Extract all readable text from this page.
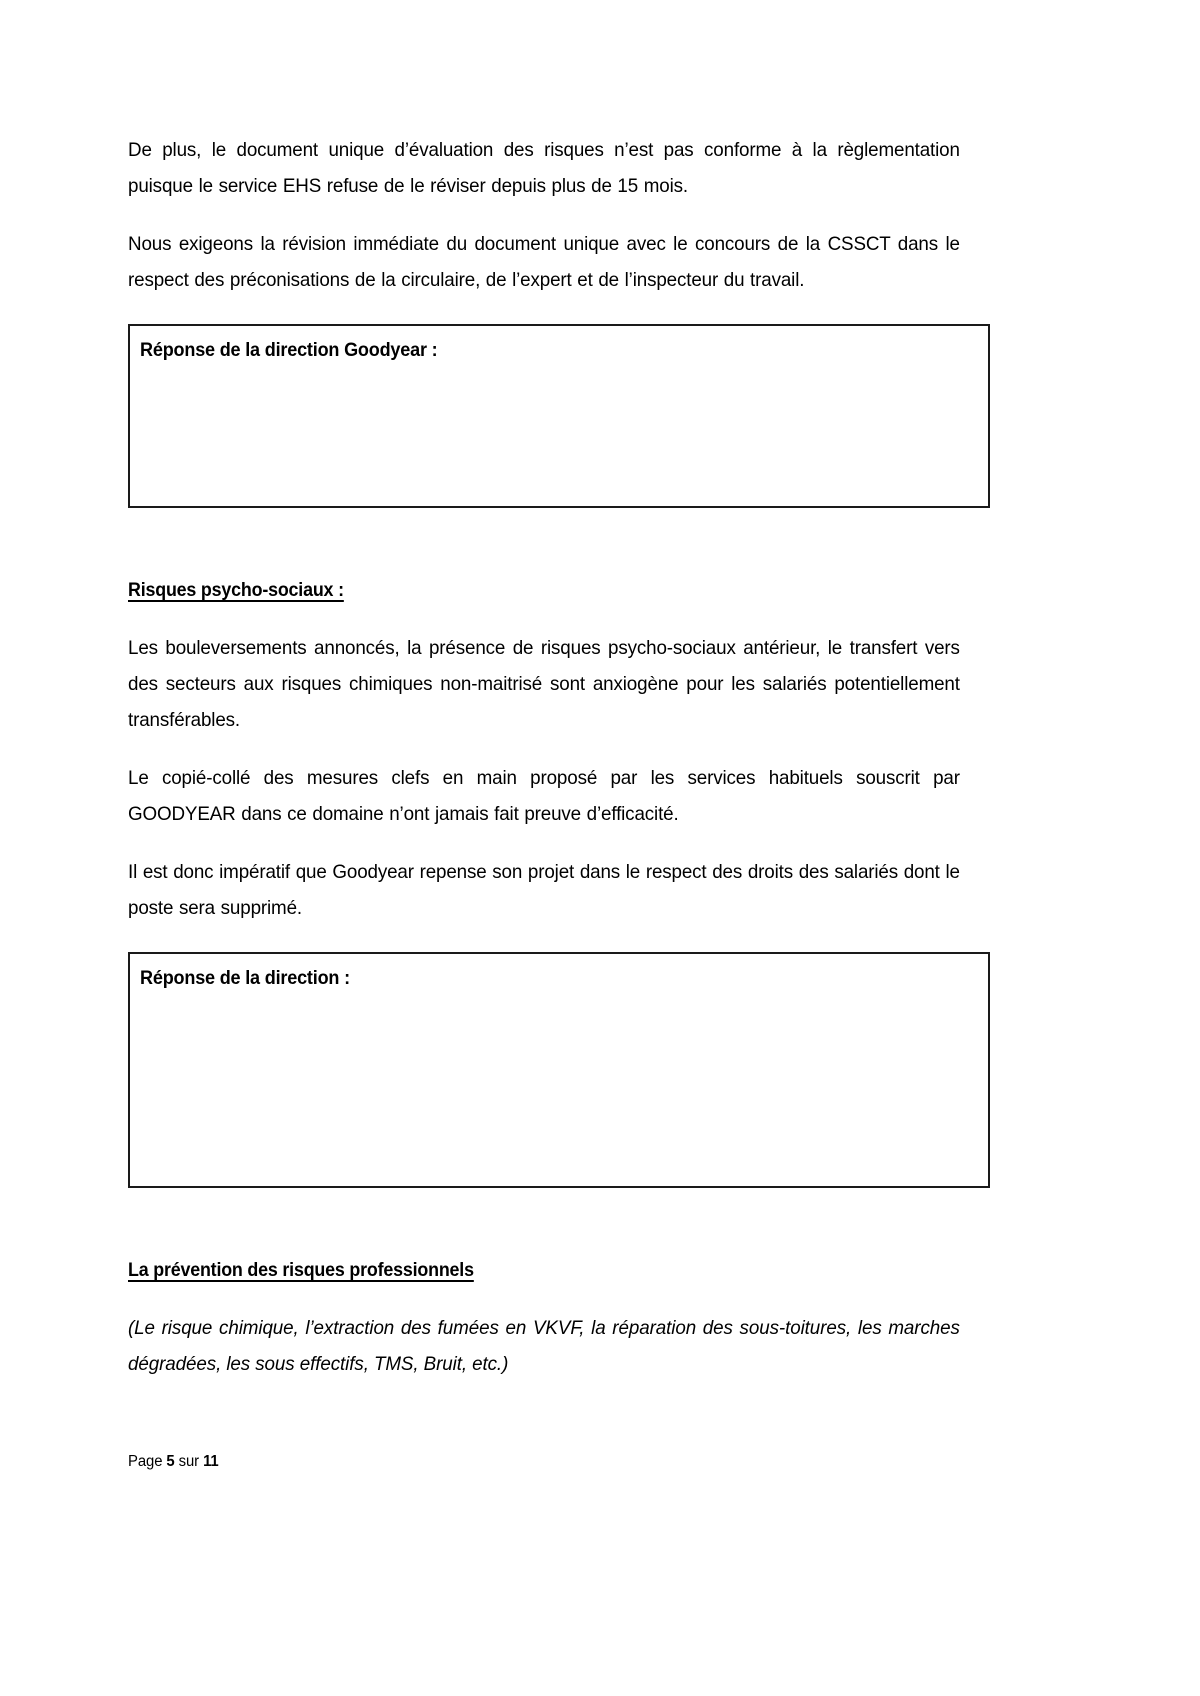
De plus, le document unique d’évaluation des risques n’est pas conforme à la règlementation puisque le service EHS refuse de le réviser depuis plus de 15 mois.

Nous exigeons la révision immédiate du document unique avec le concours de la CSSCT dans le respect des préconisations de la circulaire, de l’expert et de l’inspecteur du travail.

Réponse de la direction Goodyear :
Risques psycho-sociaux :

Les bouleversements annoncés, la présence de risques psycho-sociaux antérieur, le transfert vers des secteurs aux risques chimiques non-maitrisé sont anxiogène pour les salariés potentiellement transférables.

Le copié-collé des mesures clefs en main proposé par les services habituels souscrit par GOODYEAR dans ce domaine n’ont jamais fait preuve d’efficacité.

Il est donc impératif que Goodyear repense son projet dans le respect des droits des salariés dont le poste sera supprimé.

Réponse de la direction :
La prévention des risques professionnels

(Le risque chimique, l’extraction des fumées en VKVF, la réparation des sous-toitures, les marches dégradées, les sous effectifs, TMS, Bruit, etc.)

Page 5 sur 11
